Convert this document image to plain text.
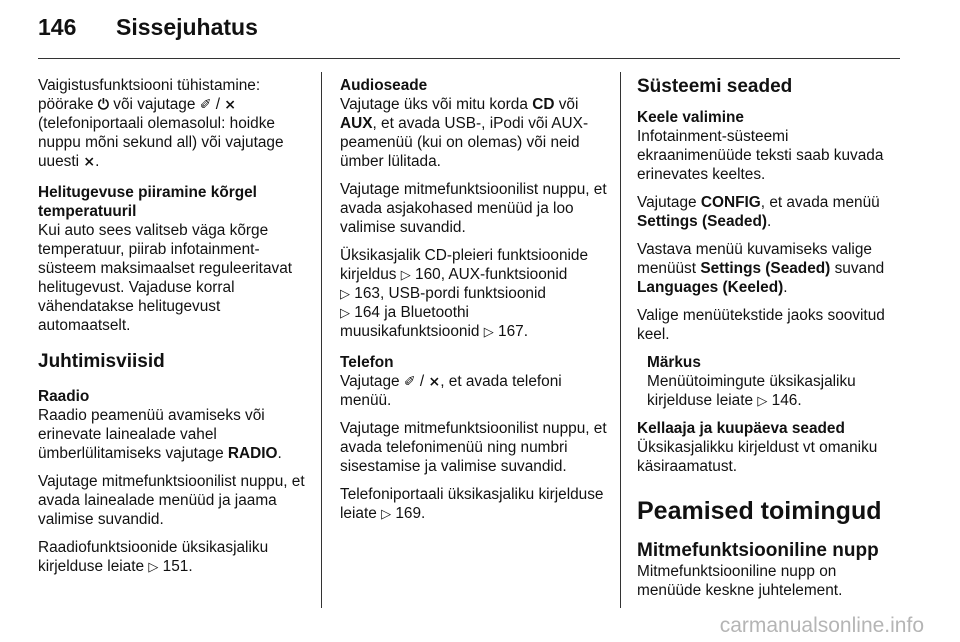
146	Sissejuhatus

Vaigistusfunktsiooni tühistamine: pöörake ⏻ või vajutage ✐ / ⨯ (telefoniportaali olemasolul: hoidke nuppu mõni sekund all) või vajutage uuesti ⨯.

Helitugevuse piiramine kõrgel temperatuuril

Kui auto sees valitseb väga kõrge temperatuur, piirab infotainment-süsteem maksimaalset reguleeritavat helitugevust. Vajaduse korral vähendatakse helitugevust automaatselt.

Juhtimisviisid
Raadio

Raadio peamenüü avamiseks või erinevate lainealade vahel ümberlülitamiseks vajutage RADIO.

Vajutage mitmefunktsioonilist nuppu, et avada lainealade menüüd ja jaama valimise suvandid.

Raadiofunktsioonide üksikasjaliku kirjelduse leiate ▷ 151.

Audioseade

Vajutage üks või mitu korda CD või AUX, et avada USB-, iPodi või AUX-peamenüü (kui on olemas) või neid ümber lülitada.

Vajutage mitmefunktsioonilist nuppu, et avada asjakohased menüüd ja loo valimise suvandid.

Üksikasjalik CD-pleieri funktsioonide kirjeldus ▷ 160, AUX-funktsioonid
▷ 163, USB-pordi funktsioonid
▷ 164 ja Bluetoothi muusikafunktsioonid ▷ 167.

Telefon

Vajutage ✐ / ⨯, et avada telefoni menüü.

Vajutage mitmefunktsioonilist nuppu, et avada telefonimenüü ning numbri sisestamise ja valimise suvandid.

Telefoniportaali üksikasjaliku kirjelduse leiate ▷ 169.

Süsteemi seaded
Keele valimine

Infotainment-süsteemi ekraanimenüüde teksti saab kuvada erinevates keeltes.

Vajutage CONFIG, et avada menüü Settings (Seaded).

Vastava menüü kuvamiseks valige menüüst Settings (Seaded) suvand Languages (Keeled).

Valige menüütekstide jaoks soovitud keel.

Märkus
Menüütoimingute üksikasjaliku kirjelduse leiate ▷ 146.
Kellaaja ja kuupäeva seaded

Üksikasjalikku kirjeldust vt omaniku käsiraamatust.

Peamised toimingud
Mitmefunktsiooniline nupp

Mitmefunktsiooniline nupp on menüüde keskne juhtelement.

carmanualsonline.info
